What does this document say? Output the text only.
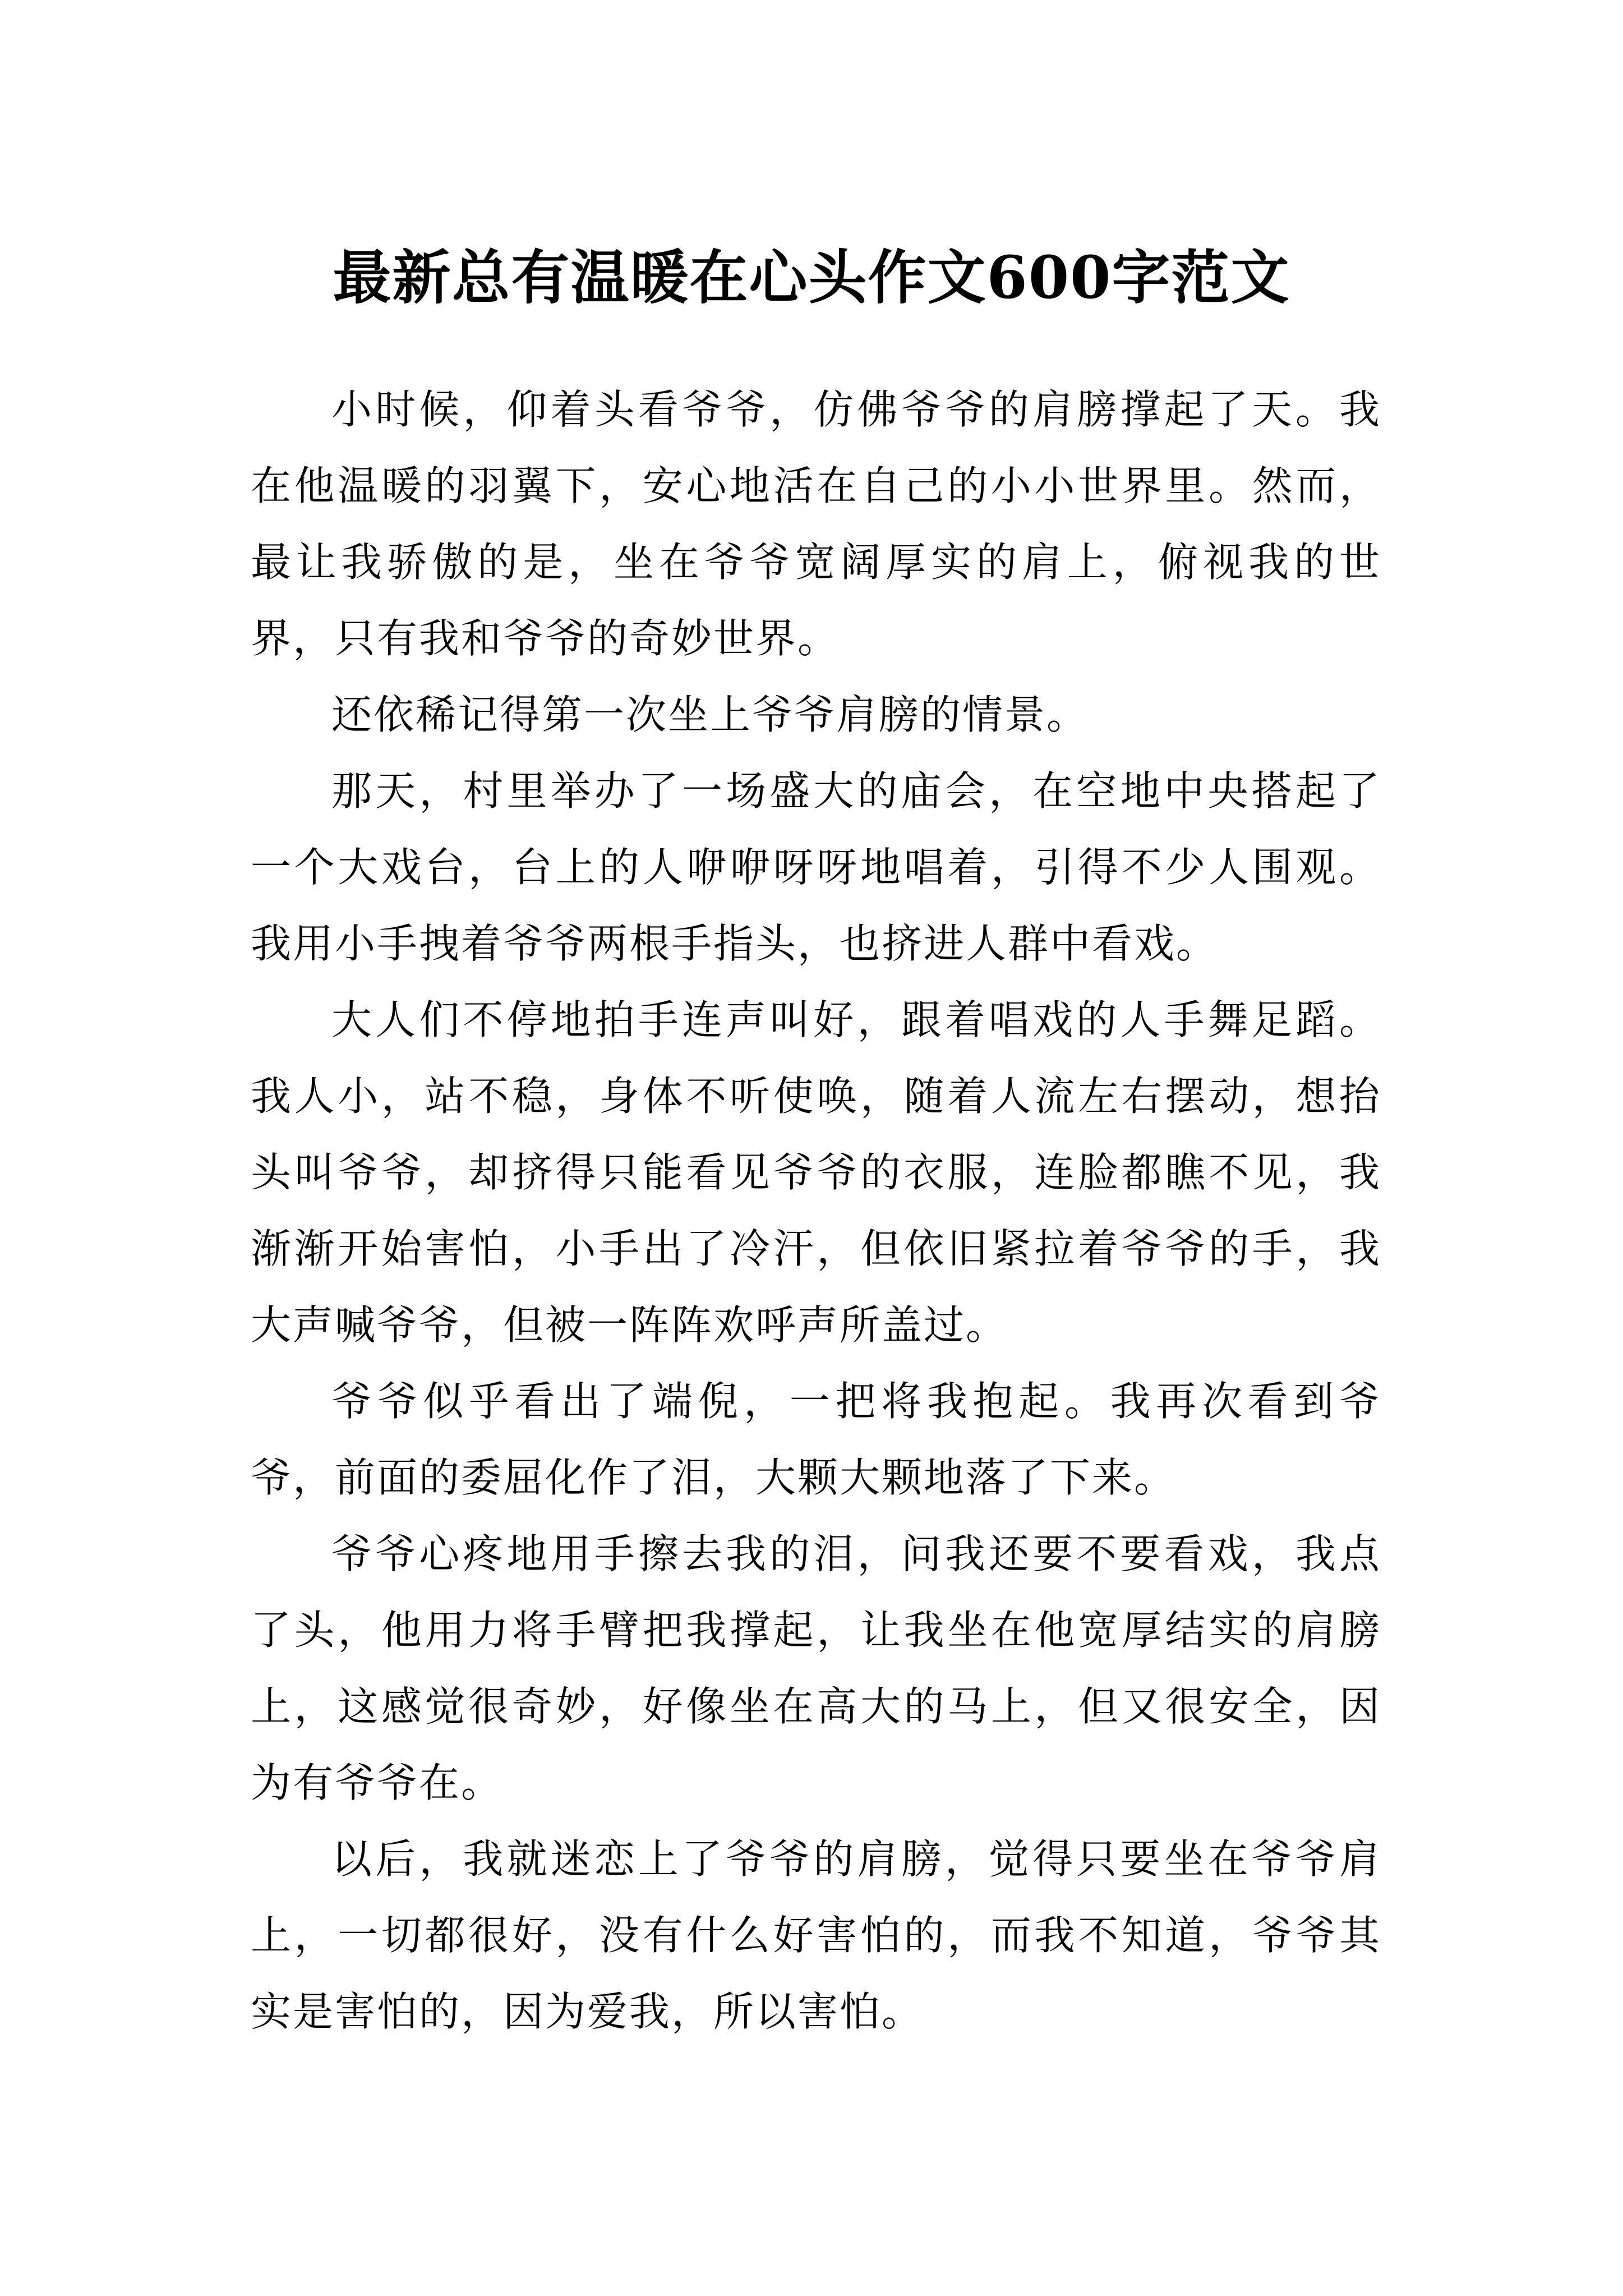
最新总有温暖在心头作文600字范文

小时候，仰着头看爷爷，仿佛爷爷的肩膀撑起了天。我在他温暖的羽翼下，安心地活在自己的小小世界里。然而，最让我骄傲的是，坐在爷爷宽阔厚实的肩上，俯视我的世界，只有我和爷爷的奇妙世界。

还依稀记得第一次坐上爷爷肩膀的情景。

那天，村里举办了一场盛大的庙会，在空地中央搭起了一个大戏台，台上的人咿咿呀呀地唱着，引得不少人围观。我用小手拽着爷爷两根手指头，也挤进人群中看戏。

大人们不停地拍手连声叫好，跟着唱戏的人手舞足蹈。我人小，站不稳，身体不听使唤，随着人流左右摆动，想抬头叫爷爷，却挤得只能看见爷爷的衣服，连脸都瞧不见，我渐渐开始害怕，小手出了冷汗，但依旧紧拉着爷爷的手，我大声喊爷爷，但被一阵阵欢呼声所盖过。

爷爷似乎看出了端倪，一把将我抱起。我再次看到爷爷，前面的委屈化作了泪，大颗大颗地落了下来。

爷爷心疼地用手擦去我的泪，问我还要不要看戏，我点了头，他用力将手臂把我撑起，让我坐在他宽厚结实的肩膀上，这感觉很奇妙，好像坐在高大的马上，但又很安全，因为有爷爷在。

以后，我就迷恋上了爷爷的肩膀，觉得只要坐在爷爷肩上，一切都很好，没有什么好害怕的，而我不知道，爷爷其实是害怕的，因为爱我，所以害怕。
